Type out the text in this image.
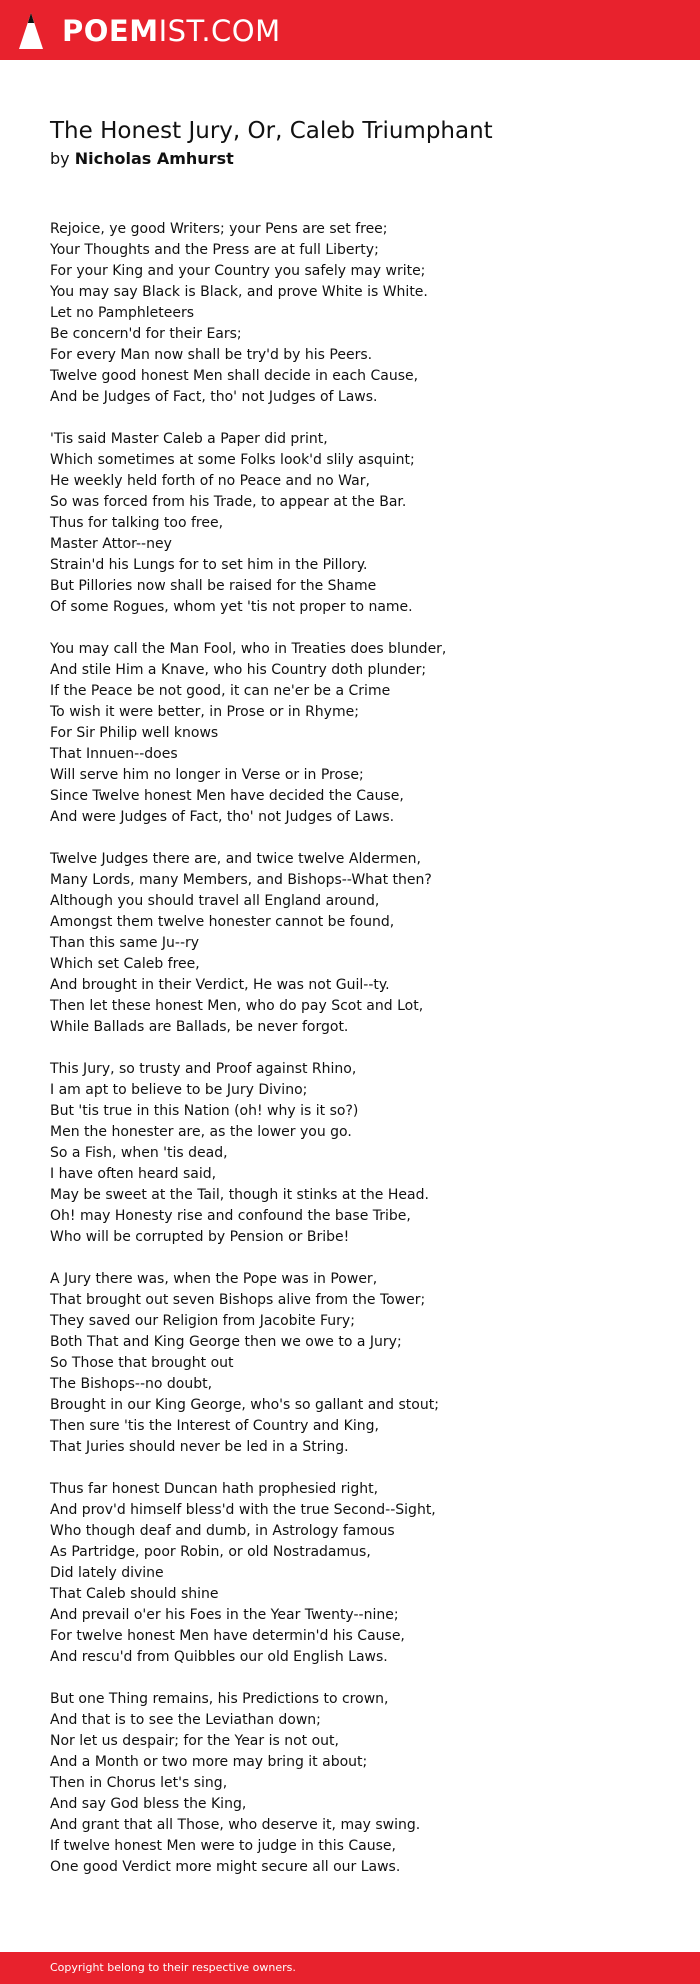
POEMIST.COM
The Honest Jury, Or, Caleb Triumphant
by Nicholas Amhurst
Rejoice, ye good Writers; your Pens are set free;
Your Thoughts and the Press are at full Liberty;
For your King and your Country you safely may write;
You may say Black is Black, and prove White is White.
Let no Pamphleteers
Be concern'd for their Ears;
For every Man now shall be try'd by his Peers.
Twelve good honest Men shall decide in each Cause,
And be Judges of Fact, tho' not Judges of Laws.
'Tis said Master Caleb a Paper did print,
Which sometimes at some Folks look'd slily asquint;
He weekly held forth of no Peace and no War,
So was forced from his Trade, to appear at the Bar.
Thus for talking too free,
Master Attor--ney
Strain'd his Lungs for to set him in the Pillory.
But Pillories now shall be raised for the Shame
Of some Rogues, whom yet 'tis not proper to name.
You may call the Man Fool, who in Treaties does blunder,
And stile Him a Knave, who his Country doth plunder;
If the Peace be not good, it can ne'er be a Crime
To wish it were better, in Prose or in Rhyme;
For Sir Philip well knows
That Innuen--does
Will serve him no longer in Verse or in Prose;
Since Twelve honest Men have decided the Cause,
And were Judges of Fact, tho' not Judges of Laws.
Twelve Judges there are, and twice twelve Aldermen,
Many Lords, many Members, and Bishops--What then?
Although you should travel all England around,
Amongst them twelve honester cannot be found,
Than this same Ju--ry
Which set Caleb free,
And brought in their Verdict, He was not Guil--ty.
Then let these honest Men, who do pay Scot and Lot,
While Ballads are Ballads, be never forgot.
This Jury, so trusty and Proof against Rhino,
I am apt to believe to be Jury Divino;
But 'tis true in this Nation (oh! why is it so?)
Men the honester are, as the lower you go.
So a Fish, when 'tis dead,
I have often heard said,
May be sweet at the Tail, though it stinks at the Head.
Oh! may Honesty rise and confound the base Tribe,
Who will be corrupted by Pension or Bribe!
A Jury there was, when the Pope was in Power,
That brought out seven Bishops alive from the Tower;
They saved our Religion from Jacobite Fury;
Both That and King George then we owe to a Jury;
So Those that brought out
The Bishops--no doubt,
Brought in our King George, who's so gallant and stout;
Then sure 'tis the Interest of Country and King,
That Juries should never be led in a String.
Thus far honest Duncan hath prophesied right,
And prov'd himself bless'd with the true Second--Sight,
Who though deaf and dumb, in Astrology famous
As Partridge, poor Robin, or old Nostradamus,
Did lately divine
That Caleb should shine
And prevail o'er his Foes in the Year Twenty--nine;
For twelve honest Men have determin'd his Cause,
And rescu'd from Quibbles our old English Laws.
But one Thing remains, his Predictions to crown,
And that is to see the Leviathan down;
Nor let us despair; for the Year is not out,
And a Month or two more may bring it about;
Then in Chorus let's sing,
And say God bless the King,
And grant that all Those, who deserve it, may swing.
If twelve honest Men were to judge in this Cause,
One good Verdict more might secure all our Laws.
Copyright belong to their respective owners.
